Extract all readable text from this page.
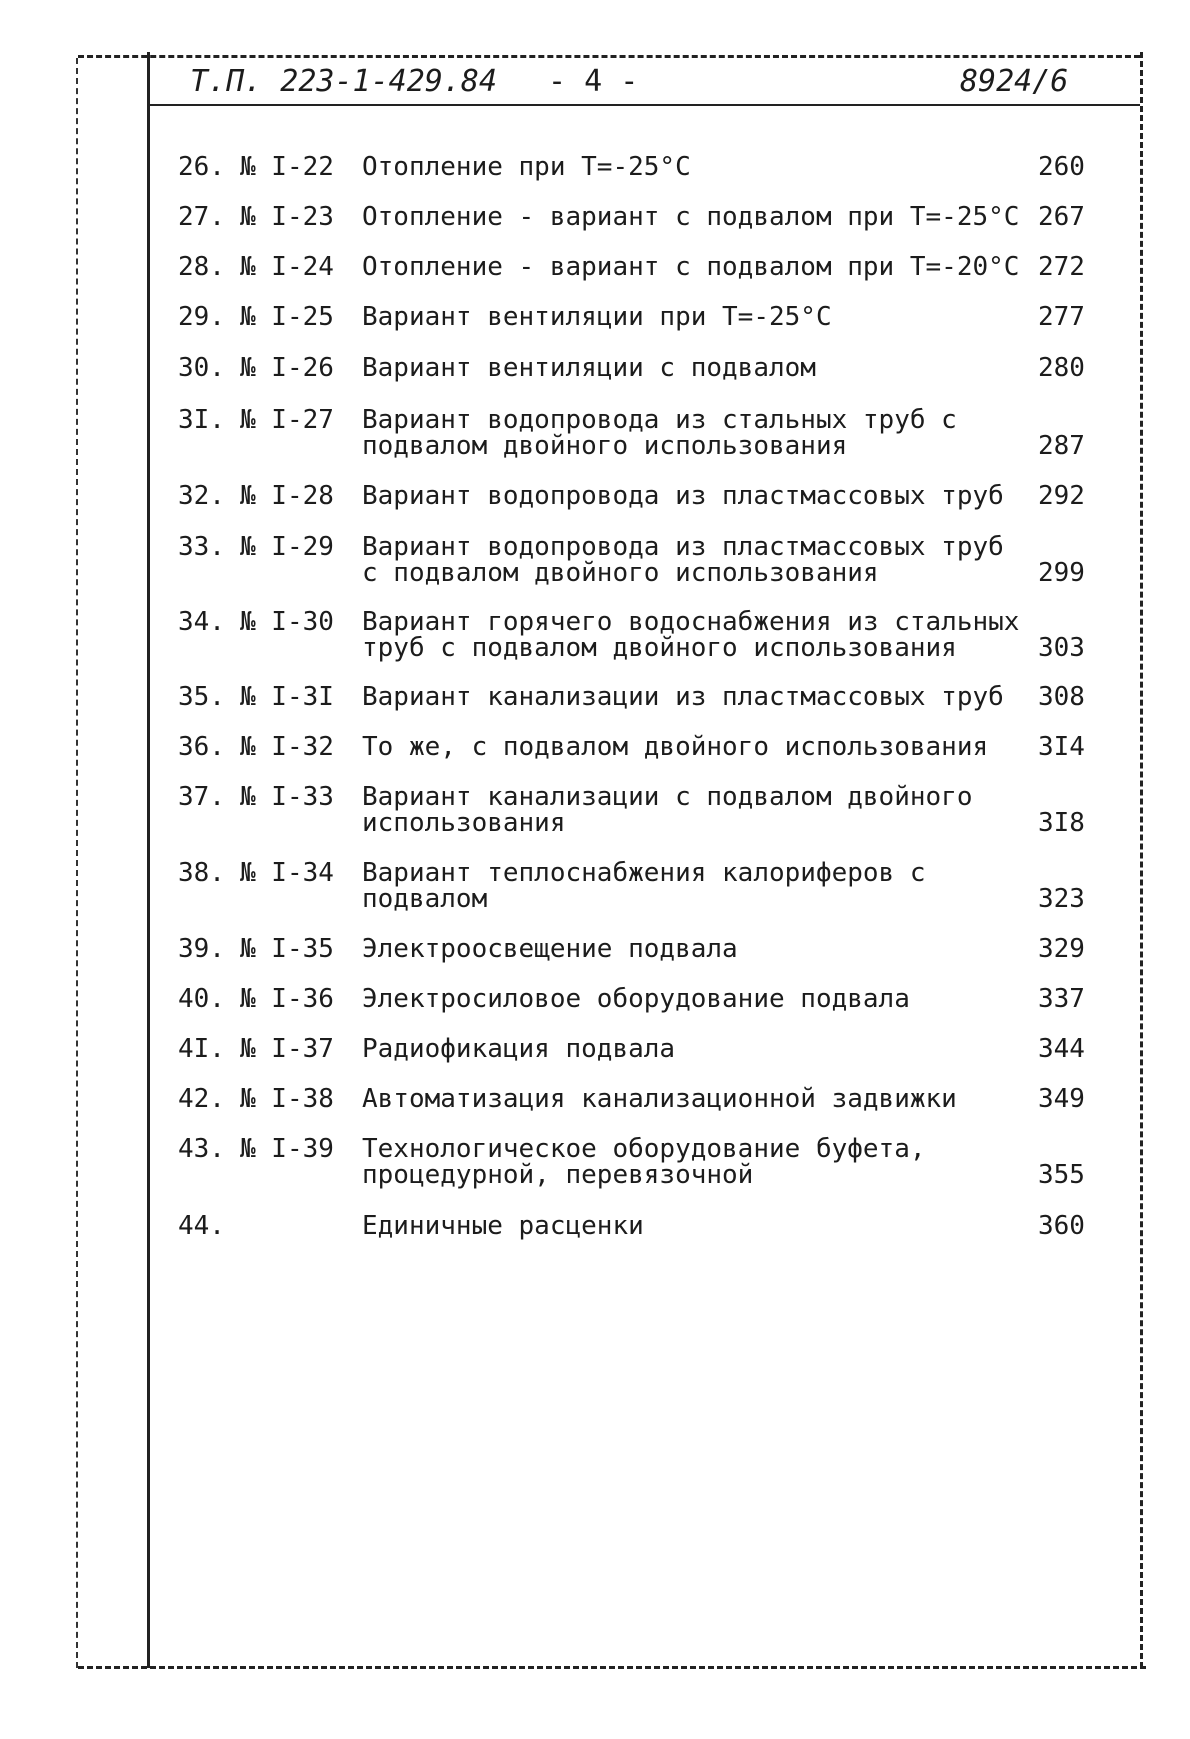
Т.П. 223-1-429.84 - 4 -	8924/6
26. № I-22 Отопление при Т=-25°C	260
27. № I-23 Отопление - вариант с подвалом при Т=-25°C 267
28. № I-24 Отопление - вариант с подвалом при Т=-20°C 272
29. № I-25 Вариант вентиляции при Т=-25°C	277
30. № I-26 Вариант вентиляции с подвалом	280
3I. № I-27 Вариант водопровода из стальных труб с
подвалом двойного использования	287
32. № I-28 Вариант водопровода из пластмассовых труб	292
33. № I-29 Вариант водопровода из пластмассовых труб
с подвалом двойного использования	299
34. № I-30 Вариант горячего водоснабжения из стальных
труб с подвалом двойного использования	303
35. № I-3I Вариант канализации из пластмассовых труб	308
36. № I-32 То же, с подвалом двойного использования	3I4
37. № I-33 Вариант канализации с подвалом двойного
использования	3I8
38. № I-34 Вариант теплоснабжения калориферов с
подвалом	323
39. № I-35 Электроосвещение подвала	329
40. № I-36 Электросиловое оборудование подвала	337
4I. № I-37 Радиофикация подвала	344
42. № I-38 Автоматизация канализационной задвижки	349
43. № I-39 Технологическое оборудование буфета,
процедурной, перевязочной	355
44.	Единичные расценки	360
